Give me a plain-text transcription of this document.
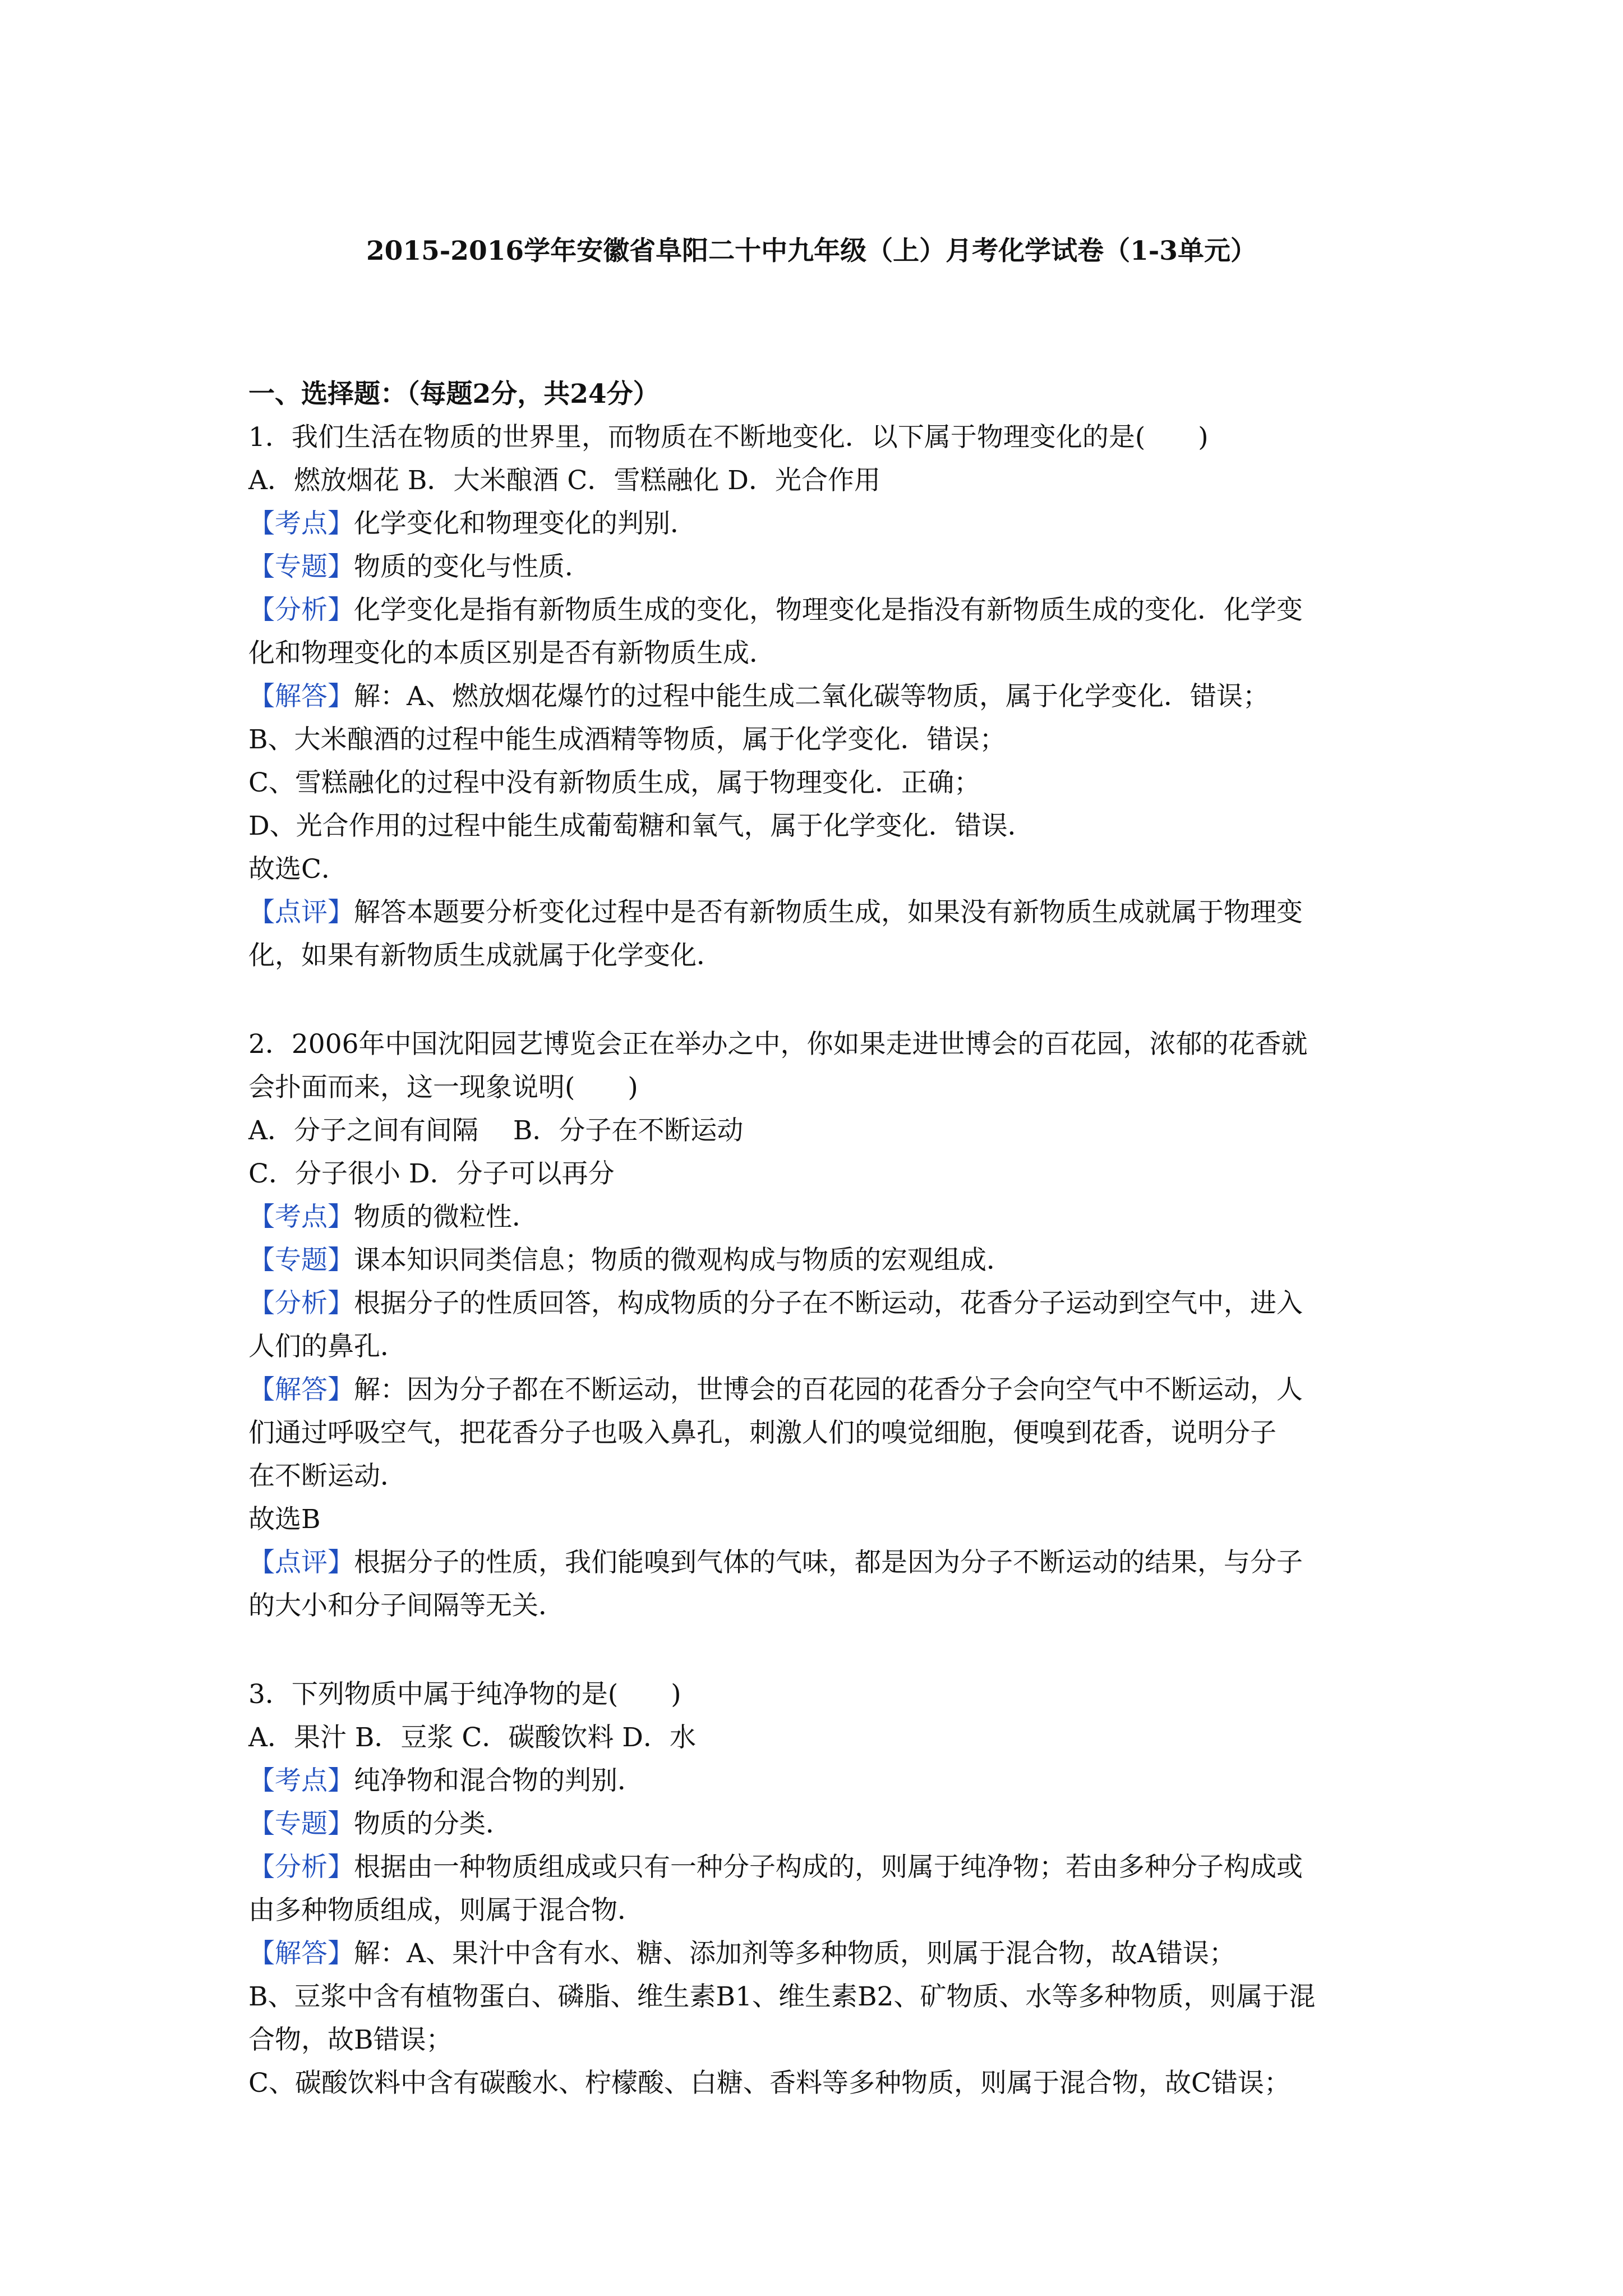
2015-2016学年安徽省阜阳二十中九年级（上）月考化学试卷（1-3单元）
一、选择题：（每题2分，共24分）
1．我们生活在物质的世界里，而物质在不断地变化．以下属于物理变化的是(　　)
A．燃放烟花 B．大米酿酒 C．雪糕融化 D．光合作用
【考点】化学变化和物理变化的判别．
【专题】物质的变化与性质．
【分析】化学变化是指有新物质生成的变化，物理变化是指没有新物质生成的变化．化学变
化和物理变化的本质区别是否有新物质生成．
【解答】解：A、燃放烟花爆竹的过程中能生成二氧化碳等物质，属于化学变化．错误；
B、大米酿酒的过程中能生成酒精等物质，属于化学变化．错误；
C、雪糕融化的过程中没有新物质生成，属于物理变化．正确；
D、光合作用的过程中能生成葡萄糖和氧气，属于化学变化．错误．
故选C．
【点评】解答本题要分析变化过程中是否有新物质生成，如果没有新物质生成就属于物理变
化，如果有新物质生成就属于化学变化．
2．2006年中国沈阳园艺博览会正在举办之中，你如果走进世博会的百花园，浓郁的花香就
会扑面而来，这一现象说明(　　)
A．分子之间有间隔　 B．分子在不断运动
C．分子很小 D．分子可以再分
【考点】物质的微粒性．
【专题】课本知识同类信息；物质的微观构成与物质的宏观组成．
【分析】根据分子的性质回答，构成物质的分子在不断运动，花香分子运动到空气中，进入
人们的鼻孔．
【解答】解：因为分子都在不断运动，世博会的百花园的花香分子会向空气中不断运动，人
们通过呼吸空气，把花香分子也吸入鼻孔，刺激人们的嗅觉细胞，便嗅到花香，说明分子
在不断运动．
故选B
【点评】根据分子的性质，我们能嗅到气体的气味，都是因为分子不断运动的结果，与分子
的大小和分子间隔等无关．
3．下列物质中属于纯净物的是(　　)
A．果汁 B．豆浆 C．碳酸饮料 D．水
【考点】纯净物和混合物的判别．
【专题】物质的分类．
【分析】根据由一种物质组成或只有一种分子构成的，则属于纯净物；若由多种分子构成或
由多种物质组成，则属于混合物．
【解答】解：A、果汁中含有水、糖、添加剂等多种物质，则属于混合物，故A错误；
B、豆浆中含有植物蛋白、磷脂、维生素B1、维生素B2、矿物质、水等多种物质，则属于混
合物，故B错误；
C、碳酸饮料中含有碳酸水、柠檬酸、白糖、香料等多种物质，则属于混合物，故C错误；
